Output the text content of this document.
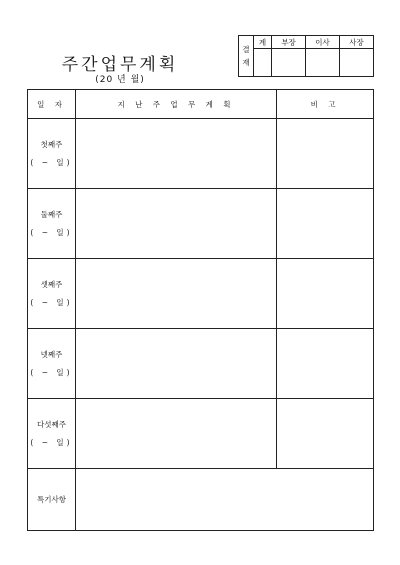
주간업무계획
(20 년 월)
결 재	계	부장	이사	사장

일 자	지 난 주 업 무 계 획	비 고

첫째주
( ~ 일)		

둘째주
( ~ 일)		

셋째주
( ~ 일)		

넷째주
( ~ 일)		

다섯째주
( ~ 일)		

특기사항		
